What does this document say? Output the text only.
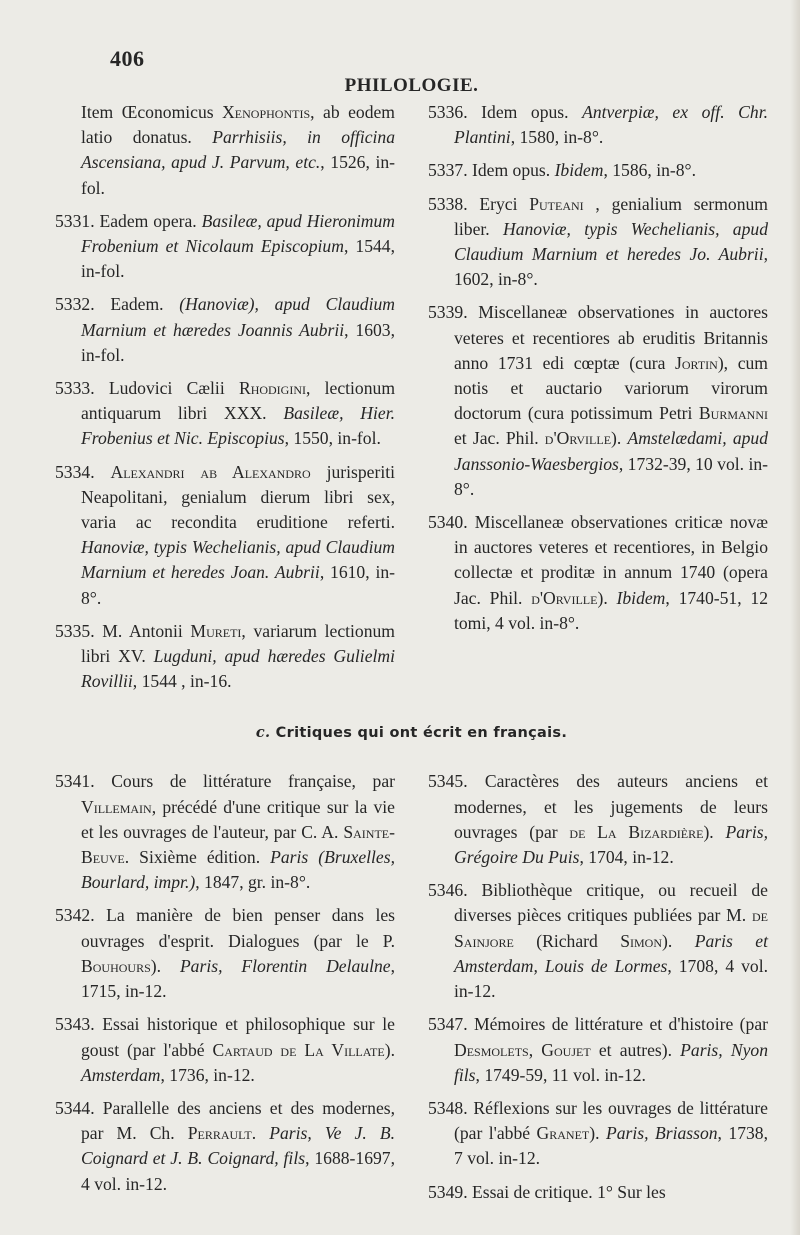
406
PHILOLOGIE.
Item Œconomicus Xenophontis, ab eodem latio donatus. Parrhisiis, in officina Ascensiana, apud J. Parvum, etc., 1526, in-fol.
5331. Eadem opera. Basileæ, apud Hieronimum Frobenium et Nicolaum Episcopium, 1544, in-fol.
5332. Eadem. (Hanoviæ), apud Claudium Marnium et hæredes Joannis Aubrii, 1603, in-fol.
5333. Ludovici Cælii Rhodigini, lectionum antiquarum libri XXX. Basileæ, Hier. Frobenius et Nic. Episcopius, 1550, in-fol.
5334. Alexandri ab Alexandro jurisperiti Neapolitani, genialum dierum libri sex, varia ac recondita eruditione referti. Hanoviæ, typis Wechelianis, apud Claudium Marnium et heredes Joan. Aubrii, 1610, in-8°.
5335. M. Antonii Mureti, variarum lectionum libri XV. Lugduni, apud hæredes Gulielmi Rovillii, 1544 , in-16.
5336. Idem opus. Antverpiæ, ex off. Chr. Plantini, 1580, in-8°.
5337. Idem opus. Ibidem, 1586, in-8°.
5338. Eryci Puteani , genialium sermonum liber. Hanoviæ, typis Wechelianis, apud Claudium Marnium et heredes Jo. Aubrii, 1602, in-8°.
5339. Miscellaneæ observationes in auctores veteres et recentiores ab eruditis Britannis anno 1731 edi cœptæ (cura Jortin), cum notis et auctario variorum virorum doctorum (cura potissimum Petri Burmanni et Jac. Phil. d'Orville). Amstelædami, apud Janssonio-Waesbergios, 1732-39, 10 vol. in-8°.
5340. Miscellaneæ observationes criticæ novæ in auctores veteres et recentiores, in Belgio collectæ et proditæ in annum 1740 (opera Jac. Phil. d'Orville). Ibidem, 1740-51, 12 tomi, 4 vol. in-8°.
c. Critiques qui ont écrit en français.
5341. Cours de littérature française, par Villemain, précédé d'une critique sur la vie et les ouvrages de l'auteur, par C. A. Sainte-Beuve. Sixième édition. Paris (Bruxelles, Bourlard, impr.), 1847, gr. in-8°.
5342. La manière de bien penser dans les ouvrages d'esprit. Dialogues (par le P. Bouhours). Paris, Florentin Delaulne, 1715, in-12.
5343. Essai historique et philosophique sur le goust (par l'abbé Cartaud de La Villate). Amsterdam, 1736, in-12.
5344. Parallelle des anciens et des modernes, par M. Ch. Perrault. Paris, Ve J. B. Coignard et J. B. Coignard, fils, 1688-1697, 4 vol. in-12.
5345. Caractères des auteurs anciens et modernes, et les jugements de leurs ouvrages (par de La Bizardière). Paris, Grégoire Du Puis, 1704, in-12.
5346. Bibliothèque critique, ou recueil de diverses pièces critiques publiées par M. de Sainjore (Richard Simon). Paris et Amsterdam, Louis de Lormes, 1708, 4 vol. in-12.
5347. Mémoires de littérature et d'histoire (par Desmolets, Goujet et autres). Paris, Nyon fils, 1749-59, 11 vol. in-12.
5348. Réflexions sur les ouvrages de littérature (par l'abbé Granet). Paris, Briasson, 1738, 7 vol. in-12.
5349. Essai de critique. 1° Sur les
